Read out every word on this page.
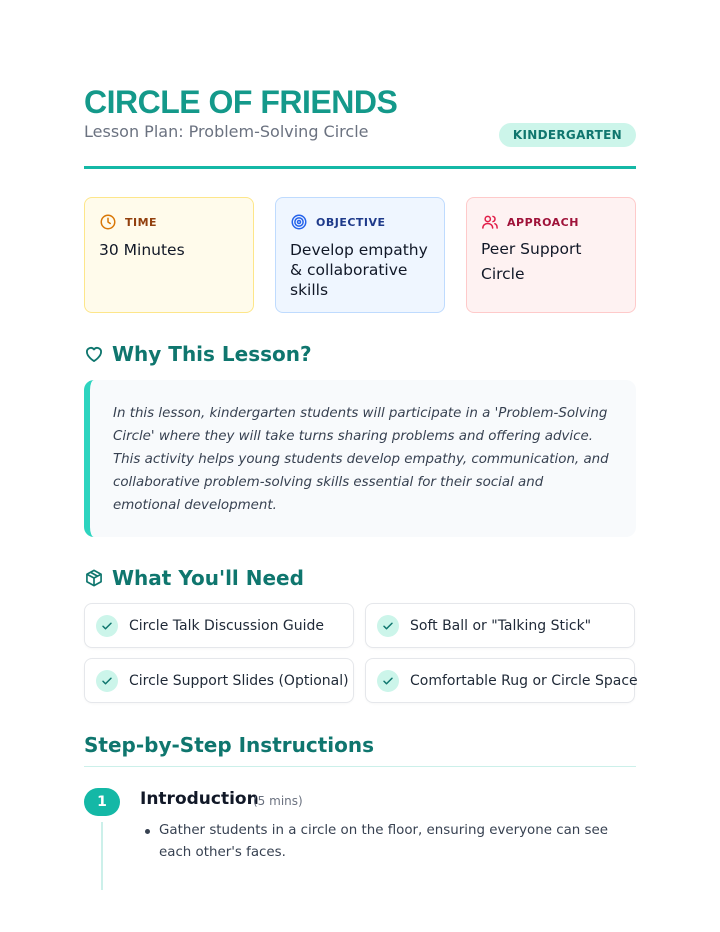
CIRCLE OF FRIENDS
Lesson Plan: Problem-Solving Circle	KINDERGARTEN
TIME
30 Minutes
OBJECTIVE
Develop empathy & collaborative skills
APPROACH
Peer Support Circle
Why This Lesson?

In this lesson, kindergarten students will participate in a 'Problem-Solving Circle' where they will take turns sharing problems and offering advice. This activity helps young students develop empathy, communication, and collaborative problem-solving skills essential for their social and emotional development.

What You'll Need
Circle Talk Discussion Guide	Soft Ball or "Talking Stick"
Circle Support Slides (Optional)	Comfortable Rug or Circle Space
Step-by-Step Instructions
1	Introduction
(5 mins)
Gather students in a circle on the floor, ensuring everyone can see each other's faces.
